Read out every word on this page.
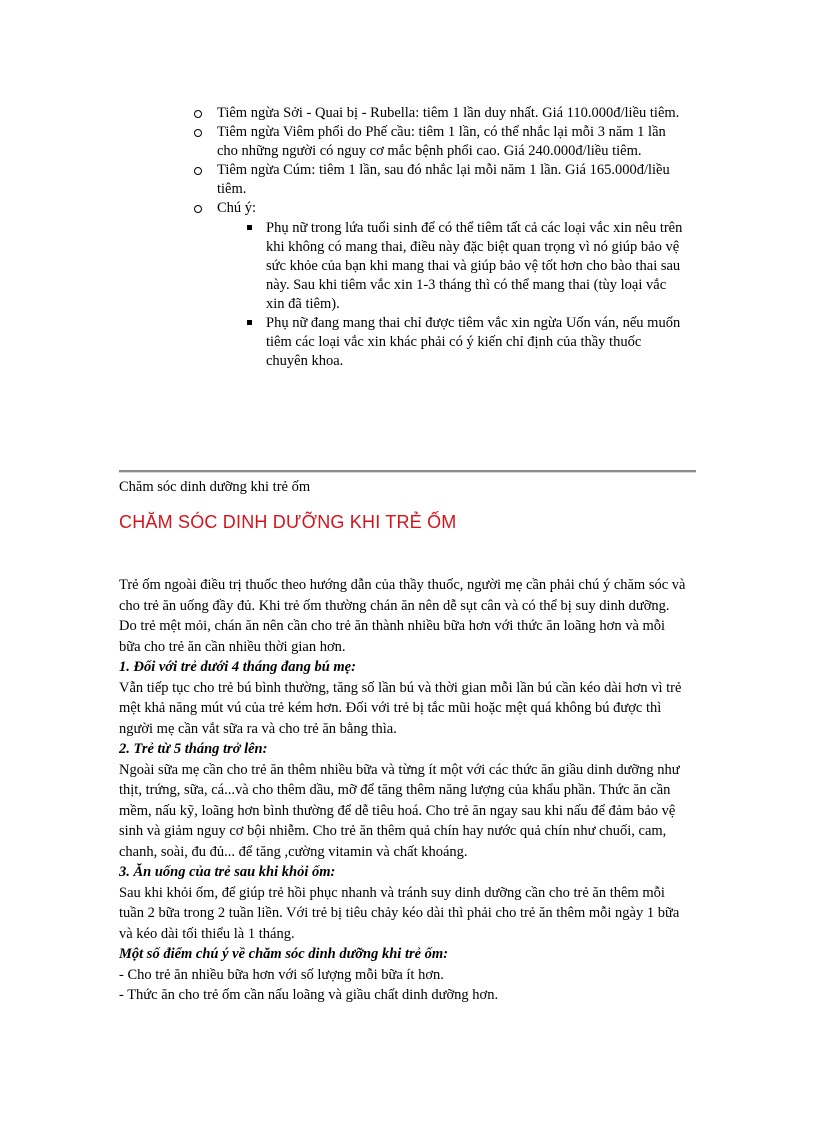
Tiêm ngừa Sởi - Quai bị - Rubella: tiêm 1 lần duy nhất. Giá 110.000đ/liều tiêm.
Tiêm ngừa Viêm phổi do Phế cầu: tiêm 1 lần, có thể nhắc lại mỗi 3 năm 1 lần cho những người có nguy cơ mắc bệnh phổi cao. Giá 240.000đ/liều tiêm.
Tiêm ngừa Cúm: tiêm 1 lần, sau đó nhắc lại mỗi năm 1 lần. Giá 165.000đ/liều tiêm.
Chú ý:
Phụ nữ trong lứa tuổi sinh để có thể tiêm tất cả các loại vắc xin nêu trên khi không có mang thai, điều này đặc biệt quan trọng vì nó giúp bảo vệ sức khỏe của bạn khi mang thai và giúp bảo vệ tốt hơn cho bào thai sau này. Sau khi tiêm vắc xin 1-3 tháng thì có thể mang thai (tùy loại vắc xin đã tiêm).
Phụ nữ đang mang thai chỉ được tiêm vắc xin ngừa Uốn ván, nếu muốn tiêm các loại vắc xin khác phải có ý kiến chỉ định của thầy thuốc chuyên khoa.
Chăm sóc dinh dưỡng khi trẻ ốm
CHĂM SÓC DINH DƯỠNG KHI TRẺ ỐM

Trẻ ốm ngoài điều trị thuốc theo hướng dẫn của thầy thuốc, người mẹ cần phải chú ý chăm sóc và cho trẻ ăn uống đầy đủ. Khi trẻ ốm thường chán ăn nên dễ sụt cân và có thể bị suy dinh dưỡng. Do trẻ mệt mỏi, chán ăn nên cần cho trẻ ăn thành nhiều bữa hơn với thức ăn loãng hơn và mỗi bữa cho trẻ ăn cần nhiều thời gian hơn.

1. Đối với trẻ dưới 4 tháng đang bú mẹ:

Vẫn tiếp tục cho trẻ bú bình thường, tăng số lần bú và thời gian mỗi lần bú cần kéo dài hơn vì trẻ mệt khả năng mút vú của trẻ kém hơn. Đối với trẻ bị tắc mũi hoặc mệt quá không bú được thì người mẹ cần vắt sữa ra và cho trẻ ăn bằng thìa.

2. Trẻ từ 5 tháng trở lên:

Ngoài sữa mẹ cần cho trẻ ăn thêm nhiều bữa và từng ít một với các thức ăn giầu dinh dưỡng như thịt, trứng, sữa, cá...và cho thêm dầu, mỡ để tăng thêm năng lượng của khẩu phần. Thức ăn cần mềm, nấu kỹ, loãng hơn bình thường để dễ tiêu hoá. Cho trẻ ăn ngay sau khi nấu để đảm bảo vệ sinh và giảm nguy cơ bội nhiễm. Cho trẻ ăn thêm quả chín hay nước quả chín như chuối, cam, chanh, soài, đu đủ... để tăng ,cường vitamin và chất khoáng.

3. Ăn uống của trẻ sau khi khỏi ốm:

Sau khi khỏi ốm, để giúp trẻ hồi phục nhanh và tránh suy dinh dưỡng cần cho trẻ ăn thêm mỗi tuần 2 bữa trong 2 tuần liền. Với trẻ bị tiêu chảy kéo dài thì phải cho trẻ ăn thêm mỗi ngày 1 bữa và kéo dài tối thiểu là 1 tháng.

Một số điểm chú ý về chăm sóc dinh dưỡng khi trẻ ốm:

- Cho trẻ ăn nhiều bữa hơn với số lượng mỗi bữa ít hơn.

- Thức ăn cho trẻ ốm cần nấu loãng và giầu chất dinh dưỡng hơn.
